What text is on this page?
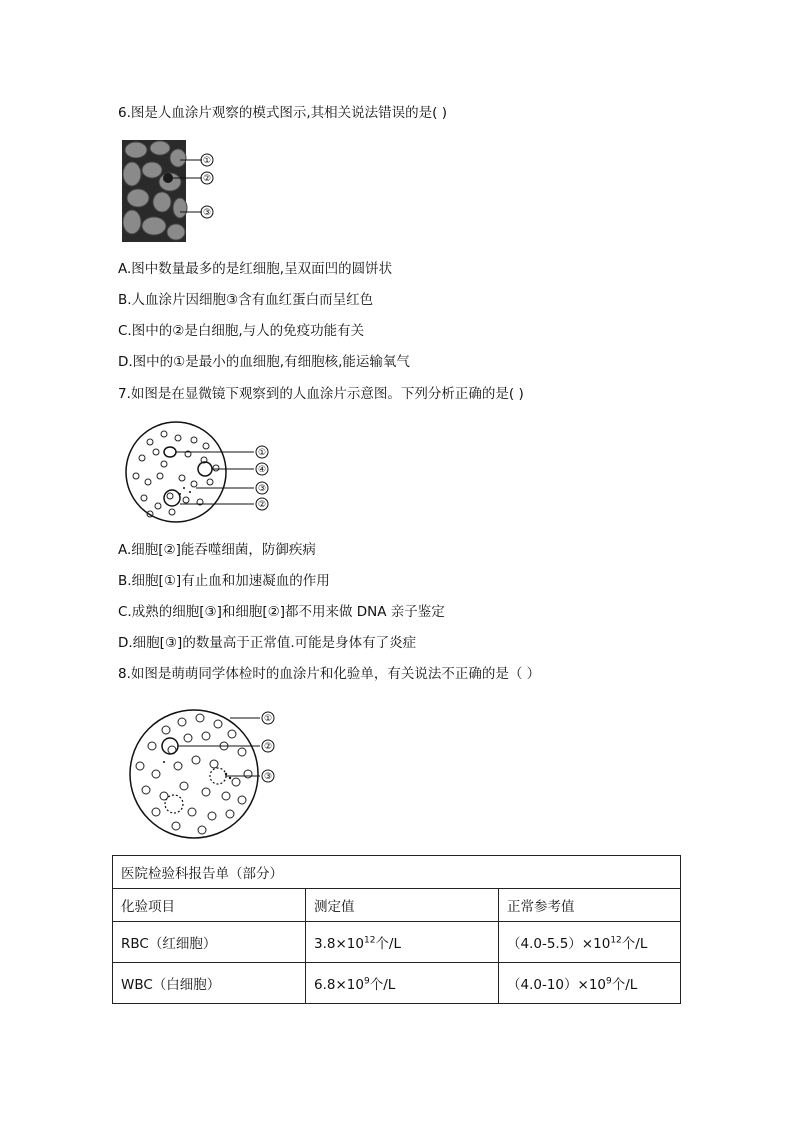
6.图是人血涂片观察的模式图示,其相关说法错误的是( )
A.图中数量最多的是红细胞,呈双面凹的圆饼状
B.人血涂片因细胞③含有血红蛋白而呈红色
C.图中的②是白细胞,与人的免疫功能有关
D.图中的①是最小的血细胞,有细胞核,能运输氧气
7.如图是在显微镜下观察到的人血涂片示意图。下列分析正确的是( )
A.细胞[②]能吞噬细菌，防御疾病
B.细胞[①]有止血和加速凝血的作用
C.成熟的细胞[③]和细胞[②]都不用来做 DNA 亲子鉴定
D.细胞[③]的数量高于正常值.可能是身体有了炎症
8.如图是萌萌同学体检时的血涂片和化验单，有关说法不正确的是（ ）
医院检验科报告单（部分）		
化验项目	测定值	正常参考值
RBC（红细胞）	$3.8\times 10^{12}$个/L	$(4.0-5.5)\times 10^{12}$个/L
WBC（白细胞）	$6.8\times 10^9$个/L	$(4.0-10)\times 10^9$个/L
①
②
③
①
④
③
②
①
②
③
